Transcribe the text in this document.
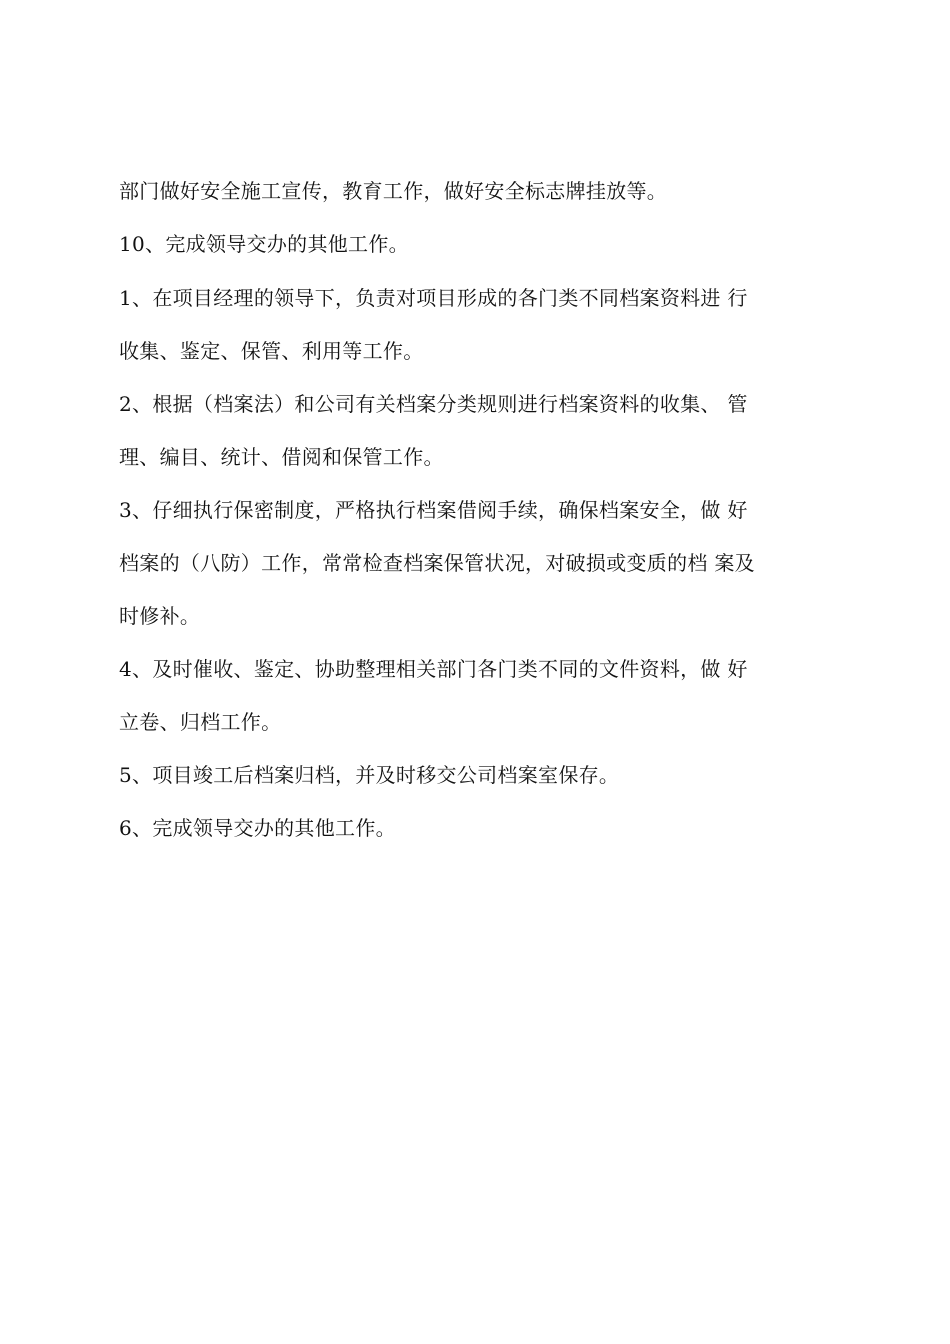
部门做好安全施工宣传，教育工作，做好安全标志牌挂放等。
10、完成领导交办的其他工作。
1、在项目经理的领导下，负责对项目形成的各门类不同档案资料进 行
收集、鉴定、保管、利用等工作。
2、根据（档案法）和公司有关档案分类规则进行档案资料的收集、 管
理、编目、统计、借阅和保管工作。
3、仔细执行保密制度，严格执行档案借阅手续，确保档案安全，做 好
档案的（八防）工作，常常检查档案保管状况，对破损或变质的档 案及
时修补。
4、及时催收、鉴定、协助整理相关部门各门类不同的文件资料，做 好
立卷、归档工作。
5、项目竣工后档案归档，并及时移交公司档案室保存。
6、完成领导交办的其他工作。
